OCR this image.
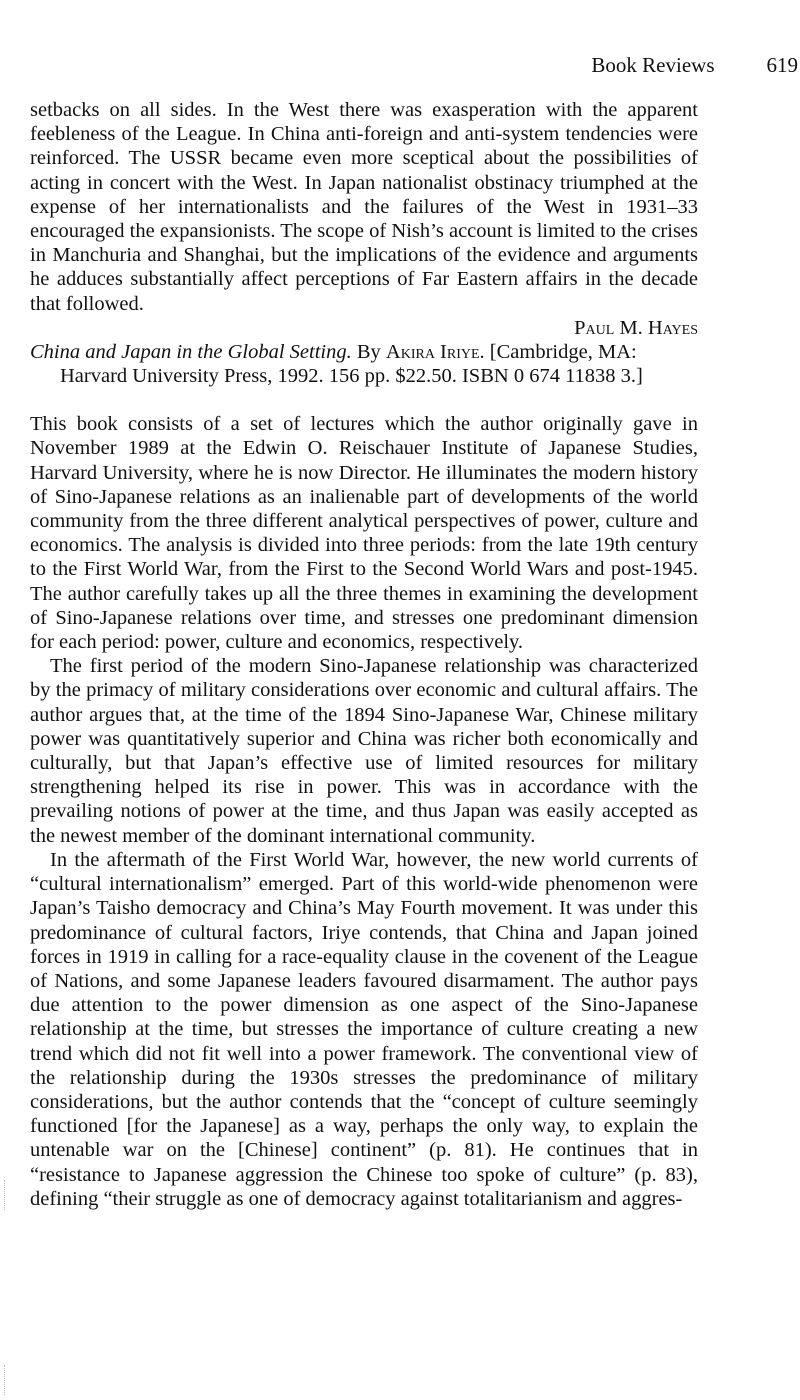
Book Reviews 619

setbacks on all sides. In the West there was exasperation with the apparent feebleness of the League. In China anti-foreign and anti-system tendencies were reinforced. The USSR became even more sceptical about the possibilities of acting in concert with the West. In Japan nationalist obstinacy triumphed at the expense of her internationalists and the failures of the West in 1931–33 encouraged the expansionists. The scope of Nish’s account is limited to the crises in Manchuria and Shanghai, but the implications of the evidence and arguments he adduces substantially affect perceptions of Far Eastern affairs in the decade that followed.

Paul M. Hayes

China and Japan in the Global Setting. By Akira Iriye. [Cambridge, MA: Harvard University Press, 1992. 156 pp. $22.50. ISBN 0 674 11838 3.]

This book consists of a set of lectures which the author originally gave in November 1989 at the Edwin O. Reischauer Institute of Japanese Studies, Harvard University, where he is now Director. He illuminates the modern history of Sino-Japanese relations as an inalienable part of developments of the world community from the three different analytical perspectives of power, culture and economics. The analysis is divided into three periods: from the late 19th century to the First World War, from the First to the Second World Wars and post-1945. The author carefully takes up all the three themes in examining the development of Sino-Japanese relations over time, and stresses one predominant dimension for each period: power, culture and economics, respectively.

The first period of the modern Sino-Japanese relationship was characterized by the primacy of military considerations over economic and cultural affairs. The author argues that, at the time of the 1894 Sino-Japanese War, Chinese military power was quantitatively superior and China was richer both economically and culturally, but that Japan’s effective use of limited resources for military strengthening helped its rise in power. This was in accordance with the prevailing notions of power at the time, and thus Japan was easily accepted as the newest member of the dominant international community.

In the aftermath of the First World War, however, the new world currents of “cultural internationalism” emerged. Part of this world-wide phenomenon were Japan’s Taisho democracy and China’s May Fourth movement. It was under this predominance of cultural factors, Iriye contends, that China and Japan joined forces in 1919 in calling for a race-equality clause in the covenent of the League of Nations, and some Japanese leaders favoured disarmament. The author pays due attention to the power dimension as one aspect of the Sino-Japanese relationship at the time, but stresses the importance of culture creating a new trend which did not fit well into a power framework. The conventional view of the relationship during the 1930s stresses the predominance of military considerations, but the author contends that the “concept of culture seemingly functioned [for the Japanese] as a way, perhaps the only way, to explain the untenable war on the [Chinese] continent” (p. 81). He continues that in “resistance to Japanese aggression the Chinese too spoke of culture” (p. 83), defining “their struggle as one of democracy against totalitarianism and aggres-
